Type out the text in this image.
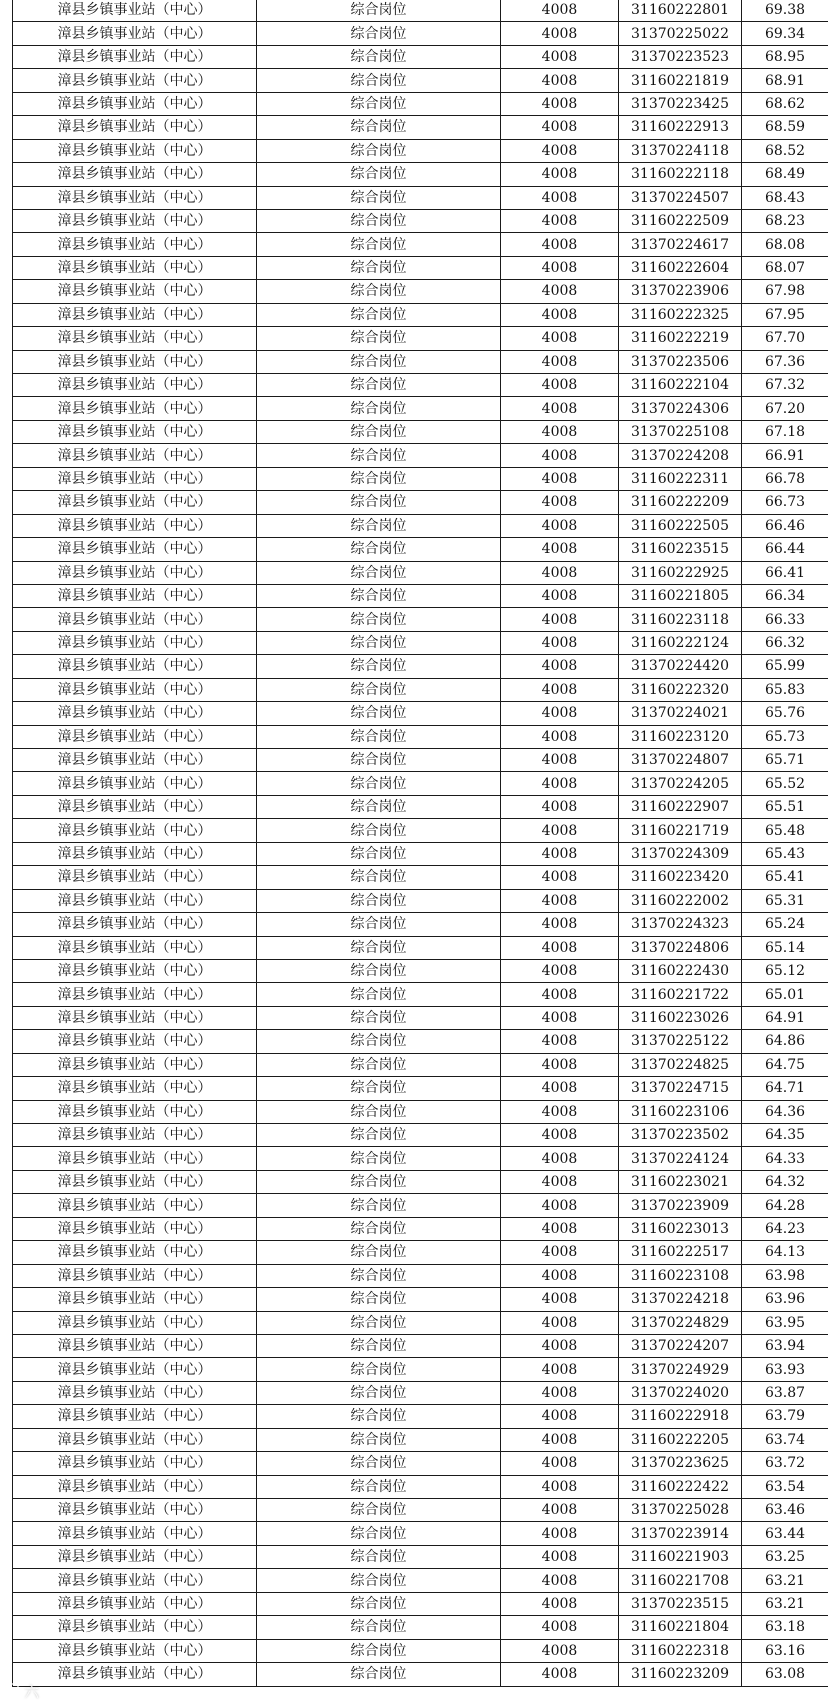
漳县乡镇事业站（中心）	综合岗位	4008	31160222801	69.38
漳县乡镇事业站（中心）	综合岗位	4008	31370225022	69.34
漳县乡镇事业站（中心）	综合岗位	4008	31370223523	68.95
漳县乡镇事业站（中心）	综合岗位	4008	31160221819	68.91
漳县乡镇事业站（中心）	综合岗位	4008	31370223425	68.62
漳县乡镇事业站（中心）	综合岗位	4008	31160222913	68.59
漳县乡镇事业站（中心）	综合岗位	4008	31370224118	68.52
漳县乡镇事业站（中心）	综合岗位	4008	31160222118	68.49
漳县乡镇事业站（中心）	综合岗位	4008	31370224507	68.43
漳县乡镇事业站（中心）	综合岗位	4008	31160222509	68.23
漳县乡镇事业站（中心）	综合岗位	4008	31370224617	68.08
漳县乡镇事业站（中心）	综合岗位	4008	31160222604	68.07
漳县乡镇事业站（中心）	综合岗位	4008	31370223906	67.98
漳县乡镇事业站（中心）	综合岗位	4008	31160222325	67.95
漳县乡镇事业站（中心）	综合岗位	4008	31160222219	67.70
漳县乡镇事业站（中心）	综合岗位	4008	31370223506	67.36
漳县乡镇事业站（中心）	综合岗位	4008	31160222104	67.32
漳县乡镇事业站（中心）	综合岗位	4008	31370224306	67.20
漳县乡镇事业站（中心）	综合岗位	4008	31370225108	67.18
漳县乡镇事业站（中心）	综合岗位	4008	31370224208	66.91
漳县乡镇事业站（中心）	综合岗位	4008	31160222311	66.78
漳县乡镇事业站（中心）	综合岗位	4008	31160222209	66.73
漳县乡镇事业站（中心）	综合岗位	4008	31160222505	66.46
漳县乡镇事业站（中心）	综合岗位	4008	31160223515	66.44
漳县乡镇事业站（中心）	综合岗位	4008	31160222925	66.41
漳县乡镇事业站（中心）	综合岗位	4008	31160221805	66.34
漳县乡镇事业站（中心）	综合岗位	4008	31160223118	66.33
漳县乡镇事业站（中心）	综合岗位	4008	31160222124	66.32
漳县乡镇事业站（中心）	综合岗位	4008	31370224420	65.99
漳县乡镇事业站（中心）	综合岗位	4008	31160222320	65.83
漳县乡镇事业站（中心）	综合岗位	4008	31370224021	65.76
漳县乡镇事业站（中心）	综合岗位	4008	31160223120	65.73
漳县乡镇事业站（中心）	综合岗位	4008	31370224807	65.71
漳县乡镇事业站（中心）	综合岗位	4008	31370224205	65.52
漳县乡镇事业站（中心）	综合岗位	4008	31160222907	65.51
漳县乡镇事业站（中心）	综合岗位	4008	31160221719	65.48
漳县乡镇事业站（中心）	综合岗位	4008	31370224309	65.43
漳县乡镇事业站（中心）	综合岗位	4008	31160223420	65.41
漳县乡镇事业站（中心）	综合岗位	4008	31160222002	65.31
漳县乡镇事业站（中心）	综合岗位	4008	31370224323	65.24
漳县乡镇事业站（中心）	综合岗位	4008	31370224806	65.14
漳县乡镇事业站（中心）	综合岗位	4008	31160222430	65.12
漳县乡镇事业站（中心）	综合岗位	4008	31160221722	65.01
漳县乡镇事业站（中心）	综合岗位	4008	31160223026	64.91
漳县乡镇事业站（中心）	综合岗位	4008	31370225122	64.86
漳县乡镇事业站（中心）	综合岗位	4008	31370224825	64.75
漳县乡镇事业站（中心）	综合岗位	4008	31370224715	64.71
漳县乡镇事业站（中心）	综合岗位	4008	31160223106	64.36
漳县乡镇事业站（中心）	综合岗位	4008	31370223502	64.35
漳县乡镇事业站（中心）	综合岗位	4008	31370224124	64.33
漳县乡镇事业站（中心）	综合岗位	4008	31160223021	64.32
漳县乡镇事业站（中心）	综合岗位	4008	31370223909	64.28
漳县乡镇事业站（中心）	综合岗位	4008	31160223013	64.23
漳县乡镇事业站（中心）	综合岗位	4008	31160222517	64.13
漳县乡镇事业站（中心）	综合岗位	4008	31160223108	63.98
漳县乡镇事业站（中心）	综合岗位	4008	31370224218	63.96
漳县乡镇事业站（中心）	综合岗位	4008	31370224829	63.95
漳县乡镇事业站（中心）	综合岗位	4008	31370224207	63.94
漳县乡镇事业站（中心）	综合岗位	4008	31370224929	63.93
漳县乡镇事业站（中心）	综合岗位	4008	31370224020	63.87
漳县乡镇事业站（中心）	综合岗位	4008	31160222918	63.79
漳县乡镇事业站（中心）	综合岗位	4008	31160222205	63.74
漳县乡镇事业站（中心）	综合岗位	4008	31370223625	63.72
漳县乡镇事业站（中心）	综合岗位	4008	31160222422	63.54
漳县乡镇事业站（中心）	综合岗位	4008	31370225028	63.46
漳县乡镇事业站（中心）	综合岗位	4008	31370223914	63.44
漳县乡镇事业站（中心）	综合岗位	4008	31160221903	63.25
漳县乡镇事业站（中心）	综合岗位	4008	31160221708	63.21
漳县乡镇事业站（中心）	综合岗位	4008	31370223515	63.21
漳县乡镇事业站（中心）	综合岗位	4008	31160221804	63.18
漳县乡镇事业站（中心）	综合岗位	4008	31160222318	63.16
漳县乡镇事业站（中心）	综合岗位	4008	31160223209	63.08
六
